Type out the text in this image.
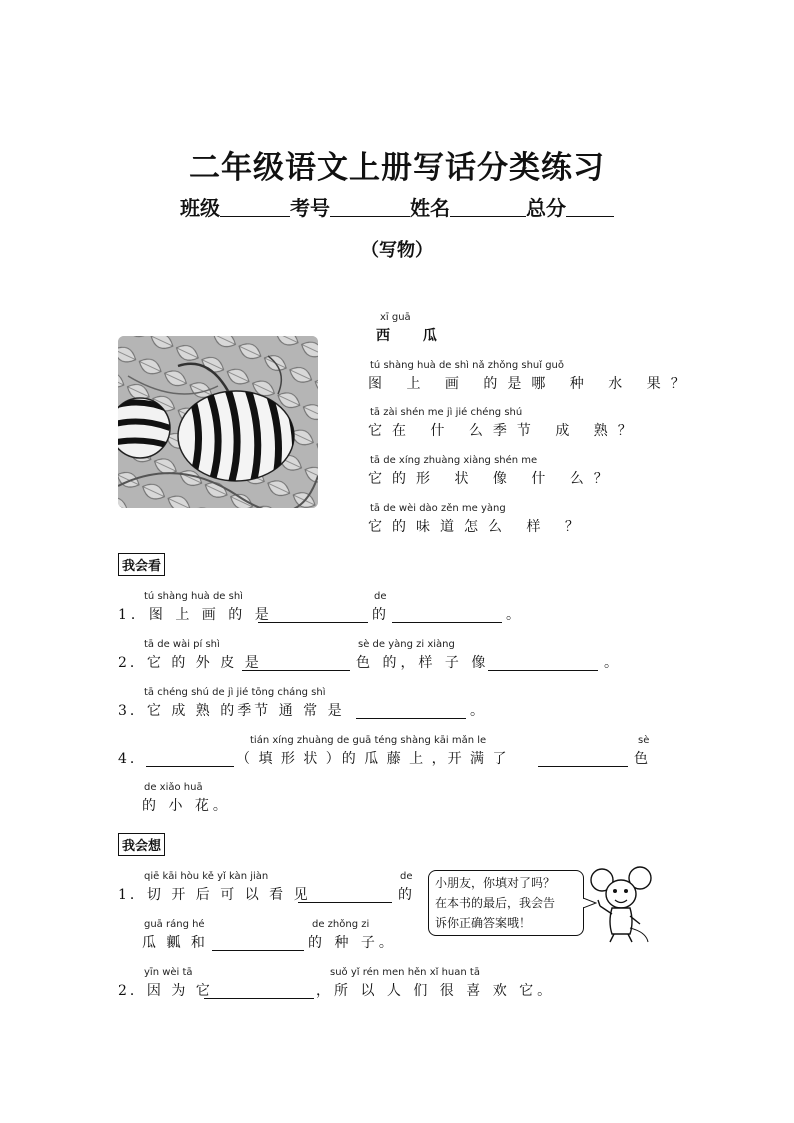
二年级语文上册写话分类练习
班级	考号	姓名	总分
（写物）
xī guā
西 瓜
tú shàng huà de shì nǎ zhǒng shuǐ guǒ
图 上 画 的是哪 种 水 果？
tā zài shén me jì jié chéng shú
它在 什 么季节 成 熟？
tā de xíng zhuàng xiàng shén me
它的形 状 像 什 么？
tā de wèi dào zěn me yàng
它的味道怎么 样 ？
我会看
tú shàng huà de shì
1．图 上 画 的 是
de
的	。
tā de wài pí shì
2．它 的 外 皮 是
sè de yàng zi xiàng
色 的，样 子 像	。
tā chéng shú de jì jié tōng cháng shì
3．它 成 熟 的季节 通 常 是	。
4．
tián xíng zhuàng de guā téng shàng kāi mǎn le
（ 填 形 状 ）的 瓜 藤 上 ，开 满 了
sè
色
de xiǎo huā
的 小 花。
我会想
qiē kāi hòu kě yǐ kàn jiàn
1．切 开 后 可 以 看 见
de
的
guā ráng hé
瓜 瓤 和
de zhǒng zi
的 种 子。
yīn wèi tā
2．因 为 它
suǒ yǐ rén men hěn xǐ huan tā
，所 以 人 们 很 喜 欢 它。
小朋友，你填对了吗？
在本书的最后，我会告
诉你正确答案哦！
